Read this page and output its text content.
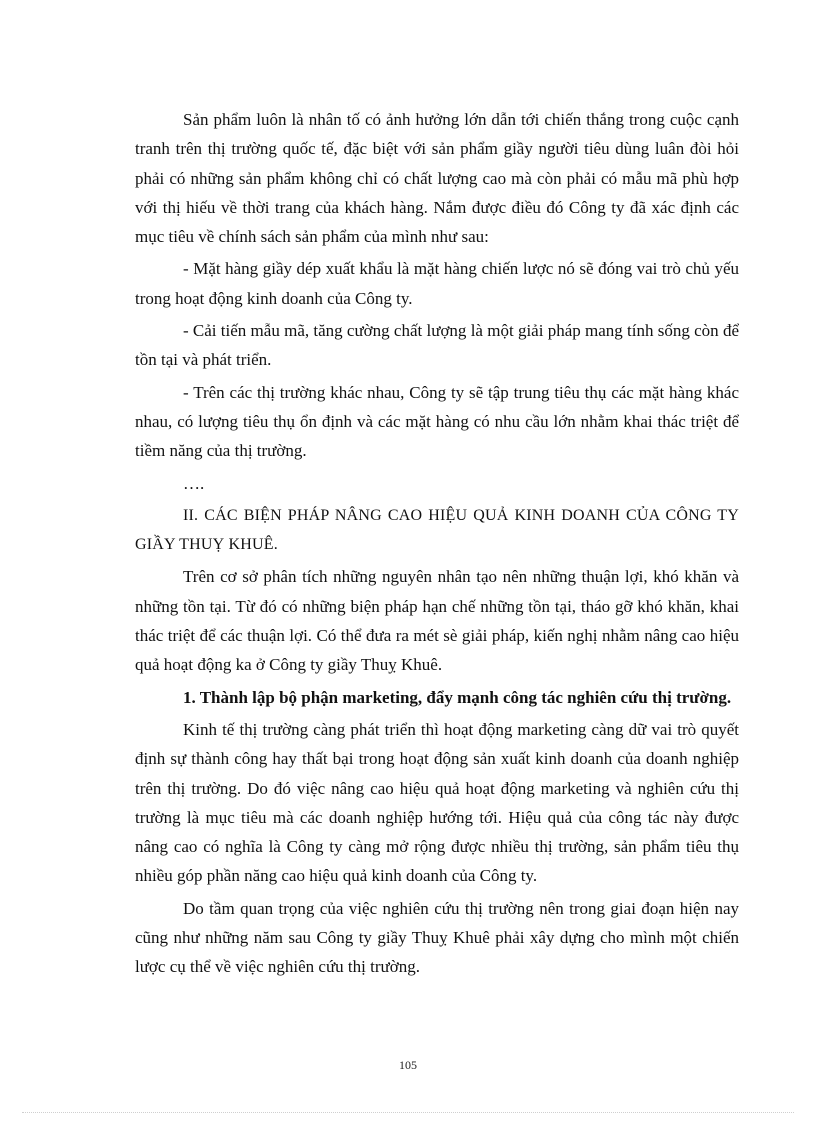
Sản phẩm luôn là nhân tố có ảnh hưởng lớn dẫn tới chiến thắng trong cuộc cạnh tranh trên thị trường quốc tế, đặc biệt với sản phẩm giầy người tiêu dùng luân đòi hỏi phải có những sản phẩm không chỉ có chất lượng cao mà còn phải có mẫu mã phù hợp với thị hiếu về thời trang của khách hàng. Nắm được điều đó Công ty đã xác định các mục tiêu về chính sách sản phẩm của mình như sau:

- Mặt hàng giầy dép xuất khẩu là mặt hàng chiến lược nó sẽ đóng vai trò chủ yếu trong hoạt động kinh doanh của Công ty.

- Cải tiến mẫu mã, tăng cường chất lượng là một giải pháp mang tính sống còn để tồn tại và phát triển.

- Trên các thị trường khác nhau, Công ty sẽ tập trung tiêu thụ các mặt hàng khác nhau, có lượng tiêu thụ ổn định và các mặt hàng có nhu cầu lớn nhằm khai thác triệt để tiềm năng của thị trường.

….

II. CÁC BIỆN PHÁP NÂNG CAO HIỆU QUẢ KINH DOANH CỦA CÔNG TY GIẦY THUỴ KHUÊ.

Trên cơ sở phân tích những nguyên nhân tạo nên những thuận lợi, khó khăn và những tồn tại. Từ đó có những biện pháp hạn chế những tồn tại, tháo gỡ khó khăn, khai thác triệt để các thuận lợi. Có thể đưa ra mét sè giải pháp, kiến nghị nhằm nâng cao hiệu quả hoạt động ka ở Công ty giầy Thuỵ Khuê.

1. Thành lập bộ phận marketing, đẩy mạnh công tác nghiên cứu thị trường.

Kinh tế thị trường càng phát triển thì hoạt động marketing càng dữ vai trò quyết định sự thành công hay thất bại trong hoạt động sản xuất kinh doanh của doanh nghiệp trên thị trường. Do đó việc nâng cao hiệu quả hoạt động marketing và nghiên cứu thị trường là mục tiêu mà các doanh nghiệp hướng tới. Hiệu quả của công tác này được nâng cao có nghĩa là Công ty càng mở rộng được nhiều thị trường, sản phẩm tiêu thụ nhiều góp phần năng cao hiệu quả kinh doanh của Công ty.

Do tầm quan trọng của việc nghiên cứu thị trường nên trong giai đoạn hiện nay cũng như những năm sau Công ty giầy Thuỵ Khuê phải xây dựng cho mình một chiến lược cụ thể về việc nghiên cứu thị trường.

105
